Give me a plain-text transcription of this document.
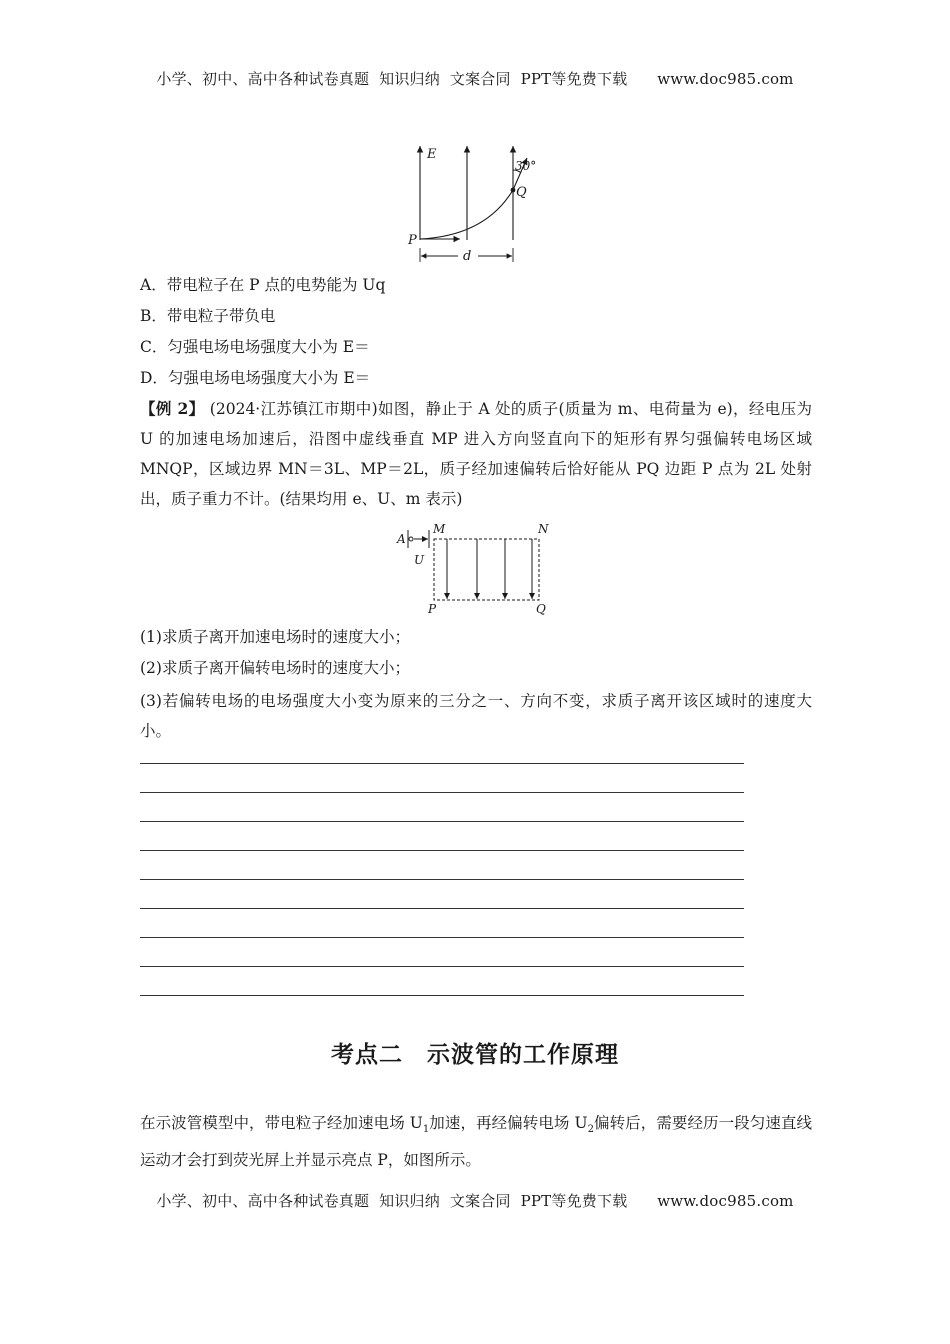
小学、初中、高中各种试卷真题  知识归纳  文案合同  PPT等免费下载      www.doc985.com
E
P
Q
30°
d
A．带电粒子在 P 点的电势能为 Uq
B．带电粒子带负电
C．匀强电场电场强度大小为 E＝
D．匀强电场电场强度大小为 E＝
【例 2】 (2024·江苏镇江市期中)如图，静止于 A 处的质子(质量为 m、电荷量为 e)，经电压为 U 的加速电场加速后，沿图中虚线垂直 MP 进入方向竖直向下的矩形有界匀强偏转电场区域 MNQP，区域边界 MN＝3L、MP＝2L，质子经加速偏转后恰好能从 PQ 边距 P 点为 2L 处射出，质子重力不计。(结果均用 e、U、m 表示)
A
U
M	N
P	Q
(1)求质子离开加速电场时的速度大小；
(2)求质子离开偏转电场时的速度大小；
(3)若偏转电场的电场强度大小变为原来的三分之一、方向不变，求质子离开该区域时的速度大小。
考点二　示波管的工作原理
在示波管模型中，带电粒子经加速电场 $U_1$加速，再经偏转电场 $U_2$偏转后，需要经历一段匀速直线运动才会打到荧光屏上并显示亮点 P，如图所示。
小学、初中、高中各种试卷真题  知识归纳  文案合同  PPT等免费下载      www.doc985.com
